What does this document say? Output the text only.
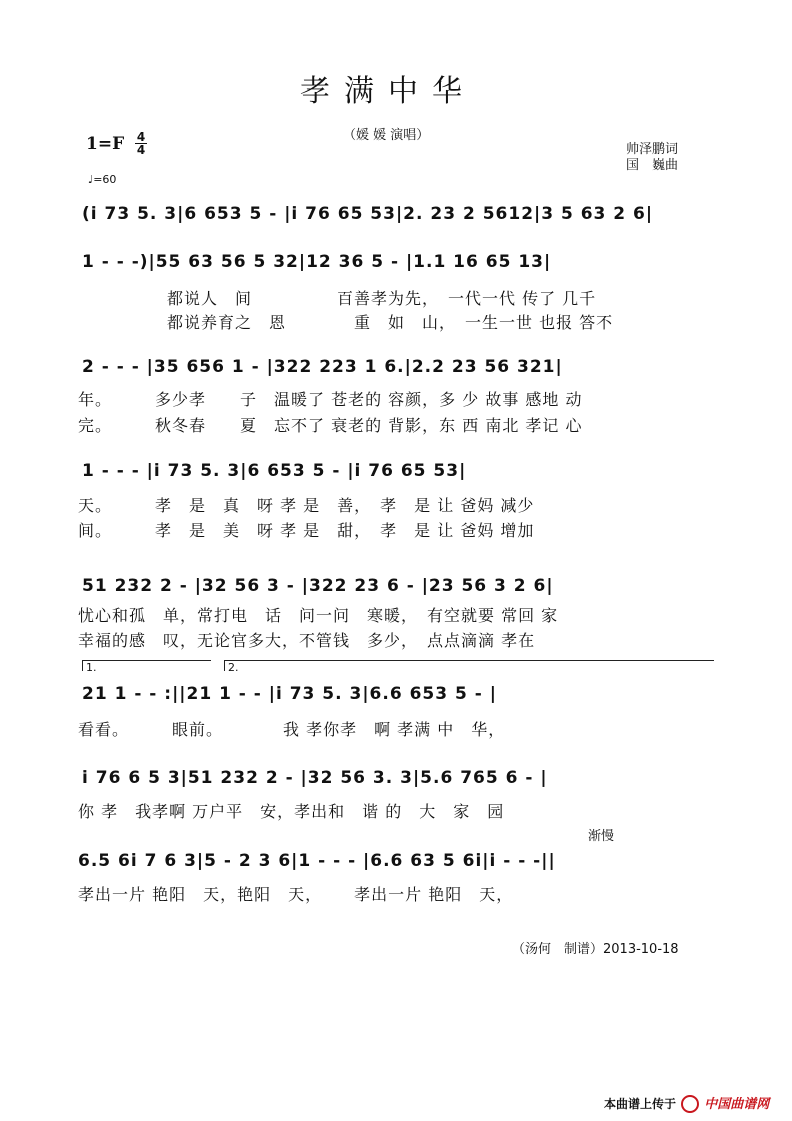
孝满中华
（媛 媛 演唱）
1=F 4
4
♩=60
帅泽鹏词
国　巍曲
(i̇ 73 5. 3|6 653 5 - |i̇ 76 65 53|2. 23 2 5612|3 5 63 2 6|
1 - - -)|55 63 56 5 32|12 36 5 - |1.1 16 65 13|
　　　　　都说人　间　　　　　百善孝为先，　一代一代 传了 几千
　　　　　都说养育之　恩　　　　重　如　山，　一生一世 也报 答不
2 - - - |35 656 1 - |322 223 1 6.|2.2 23 56 321|
年。　　　多少孝　　子　温暖了 苍老的 容颜，多 少 故事 感地 动
完。　　　秋冬春　　夏　忘不了 衰老的 背影，东 西 南北 孝记 心
1 - - - |i̇ 73 5. 3|6 653 5 - |i̇ 76 65 53|
天。　　　孝　是　真　呀 孝 是　善，　孝　是 让 爸妈 减少
间。　　　孝　是　美　呀 孝 是　甜，　孝　是 让 爸妈 增加
51 232 2 - |32 56 3 - |322 23 6 - |23 56 3 2 6|
忧心和孤　单，常打电　话　问一问　寒暖，　有空就要 常回 家
幸福的感　叹，无论官多大，不管钱　多少，　点点滴滴 孝在
1.	2.
21 1 - - :||21 1 - - |i̇ 73 5. 3|6.6 653 5 - |
看看。　　　眼前。　　　　我 孝你孝　啊 孝满 中　华，
i̇ 76 6 5 3|51 232 2 - |32 56 3. 3|5.6 765 6 - |
你 孝　我孝啊 万户平　安，孝出和　谐 的　大　家　园
渐慢
6.5 6i̇ 7 6 3|5 - 2 3 6|1 - - - |6.6 63 5 6i̇|i̇ - - -||
孝出一片 艳阳　天，艳阳　天，　　 孝出一片 艳阳　天，
（汤何　制谱）2013-10-18
本曲谱上传于 中国曲谱网
